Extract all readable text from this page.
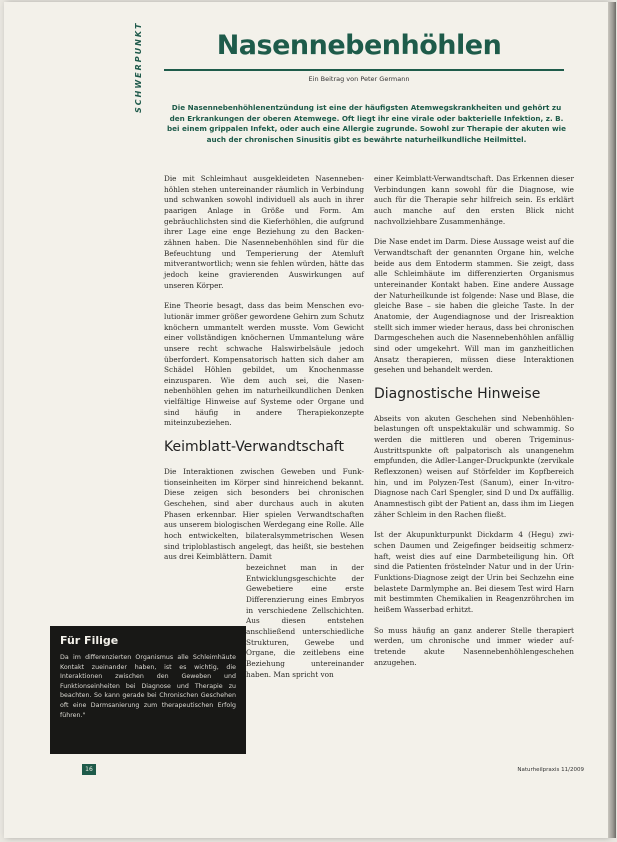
SCHWERPUNKT	Nasennebenhöhlen
Ein Beitrag von Peter Germann
Die Nasennebenhöhlenentzündung ist eine der häufigsten Atemwegskrankheiten und gehört zu den Erkrankungen der oberen Atemwege. Oft liegt ihr eine virale oder bakterielle Infektion, z. B. bei einem grippalen Infekt, oder auch eine Allergie zugrunde. Sowohl zur Therapie der akuten wie auch der chronischen Sinusitis gibt es bewährte naturheilkundliche Heilmittel.

Die mit Schleimhaut ausgekleideten Nasennebenhöhlen stehen untereinander räumlich in Verbindung und schwanken sowohl individuell als auch in ihrer paarigen Anlage in Größe und Form. Am gebräuchlichsten sind die Kieferhöhlen, die aufgrund ihrer Lage eine enge Beziehung zu den Backenzähnen haben. Die Nasennebenhöhlen sind für die Befeuchtung und Temperierung der Atemluft mitverantwortlich; wenn sie fehlen würden, hätte das jedoch keine gravierenden Auswirkungen auf unseren Körper.

Eine Theorie besagt, dass das beim Menschen evolutionär immer größer gewordene Gehirn zum Schutz knöchern ummantelt werden musste. Vom Gewicht einer vollständigen knöchernen Ummantelung wäre unsere recht schwache Halswirbelsäule jedoch überfordert. Kompensatorisch hatten sich daher am Schädel Höhlen gebildet, um Knochenmasse einzusparen. Wie dem auch sei, die Nasennebenhöhlen gehen im naturheilkundlichen Denken vielfältige Hinweise auf Systeme oder Organe und sind häufig in andere Therapiekonzepte miteinzubeziehen.

Keimblatt-Verwandtschaft

Die Interaktionen zwischen Geweben und Funktionseinheiten im Körper sind hinreichend bekannt. Diese zeigen sich besonders bei chronischen Geschehen, sind aber durchaus auch in akuten Phasen erkennbar. Hier spielen Verwandtschaften aus unserem biologischen Werdegang eine Rolle. Alle hoch entwickelten, bilateralsymmetrischen Wesen sind triploblastisch angelegt, das heißt, sie bestehen aus drei Keimblättern. Damit

bezeichnet man in der Entwicklungsgeschichte der Gewebetiere eine erste Differenzierung eines Embryos in verschiedene Zellschichten. Aus diesen entstehen anschließend unterschiedliche Strukturen, Gewebe und Organe, die zeitlebens eine Beziehung untereinander haben. Man spricht von

einer Keimblatt-Verwandtschaft. Das Erkennen dieser Verbindungen kann sowohl für die Diagnose, wie auch für die Therapie sehr hilfreich sein. Es erklärt auch manche auf den ersten Blick nicht nachvollziehbare Zusammenhänge.

Die Nase endet im Darm. Diese Aussage weist auf die Verwandtschaft der genannten Organe hin, welche beide aus dem Entoderm stammen. Sie zeigt, dass alle Schleimhäute im differenzierten Organismus untereinander Kontakt haben. Eine andere Aussage der Naturheilkunde ist folgende: Nase und Blase, die gleiche Base – sie haben die gleiche Taste. In der Anatomie, der Augendiagnose und der Irisreaktion stellt sich immer wieder heraus, dass bei chronischen Darmgeschehen auch die Nasennebenhöhlen anfällig sind oder umgekehrt. Will man im ganzheitlichen Ansatz therapieren, müssen diese Interaktionen gesehen und behandelt werden.

Diagnostische Hinweise

Abseits von akuten Geschehen sind Nebenhöhlenbelastungen oft unspektakulär und schwammig. So werden die mittleren und oberen Trigeminus-Austrittspunkte oft palpatorisch als unangenehm empfunden, die Adler-Langer-Druckpunkte (zervikale Reflexzonen) weisen auf Störfelder im Kopfbereich hin, und im Polyzen-Test (Sanum), einer In-vitro-Diagnose nach Carl Spengler, sind D und Dx auffällig. Anamnestisch gibt der Patient an, dass ihm im Liegen zäher Schleim in den Rachen fließt.

Ist der Akupunkturpunkt Dickdarm 4 (Hegu) zwischen Daumen und Zeigefinger beidseitig schmerzhaft, weist dies auf eine Darmbeteiligung hin. Oft sind die Patienten fröstelnder Natur und in der Urin-Funktions-Diagnose zeigt der Urin bei Sechzehn eine belastete Darmlymphe an. Bei diesem Test wird Harn mit bestimmten Chemikalien in Reagenzröhrchen im heißem Wasserbad erhitzt.

So muss häufig an ganz anderer Stelle therapiert werden, um chronische und immer wieder auftretende akute Nasennebenhöhlengeschehen anzugehen.

Für Filige

Da im differenzierten Organismus alle Schleimhäute Kontakt zueinander haben, ist es wichtig, die Interaktionen zwischen den Geweben und Funktionseinheiten bei Diagnose und Therapie zu beachten. So kann gerade bei Chronischen Geschehen oft eine Darmsanierung zum therapeutischen Erfolg führen."

16	Naturheilpraxis 11/2009
